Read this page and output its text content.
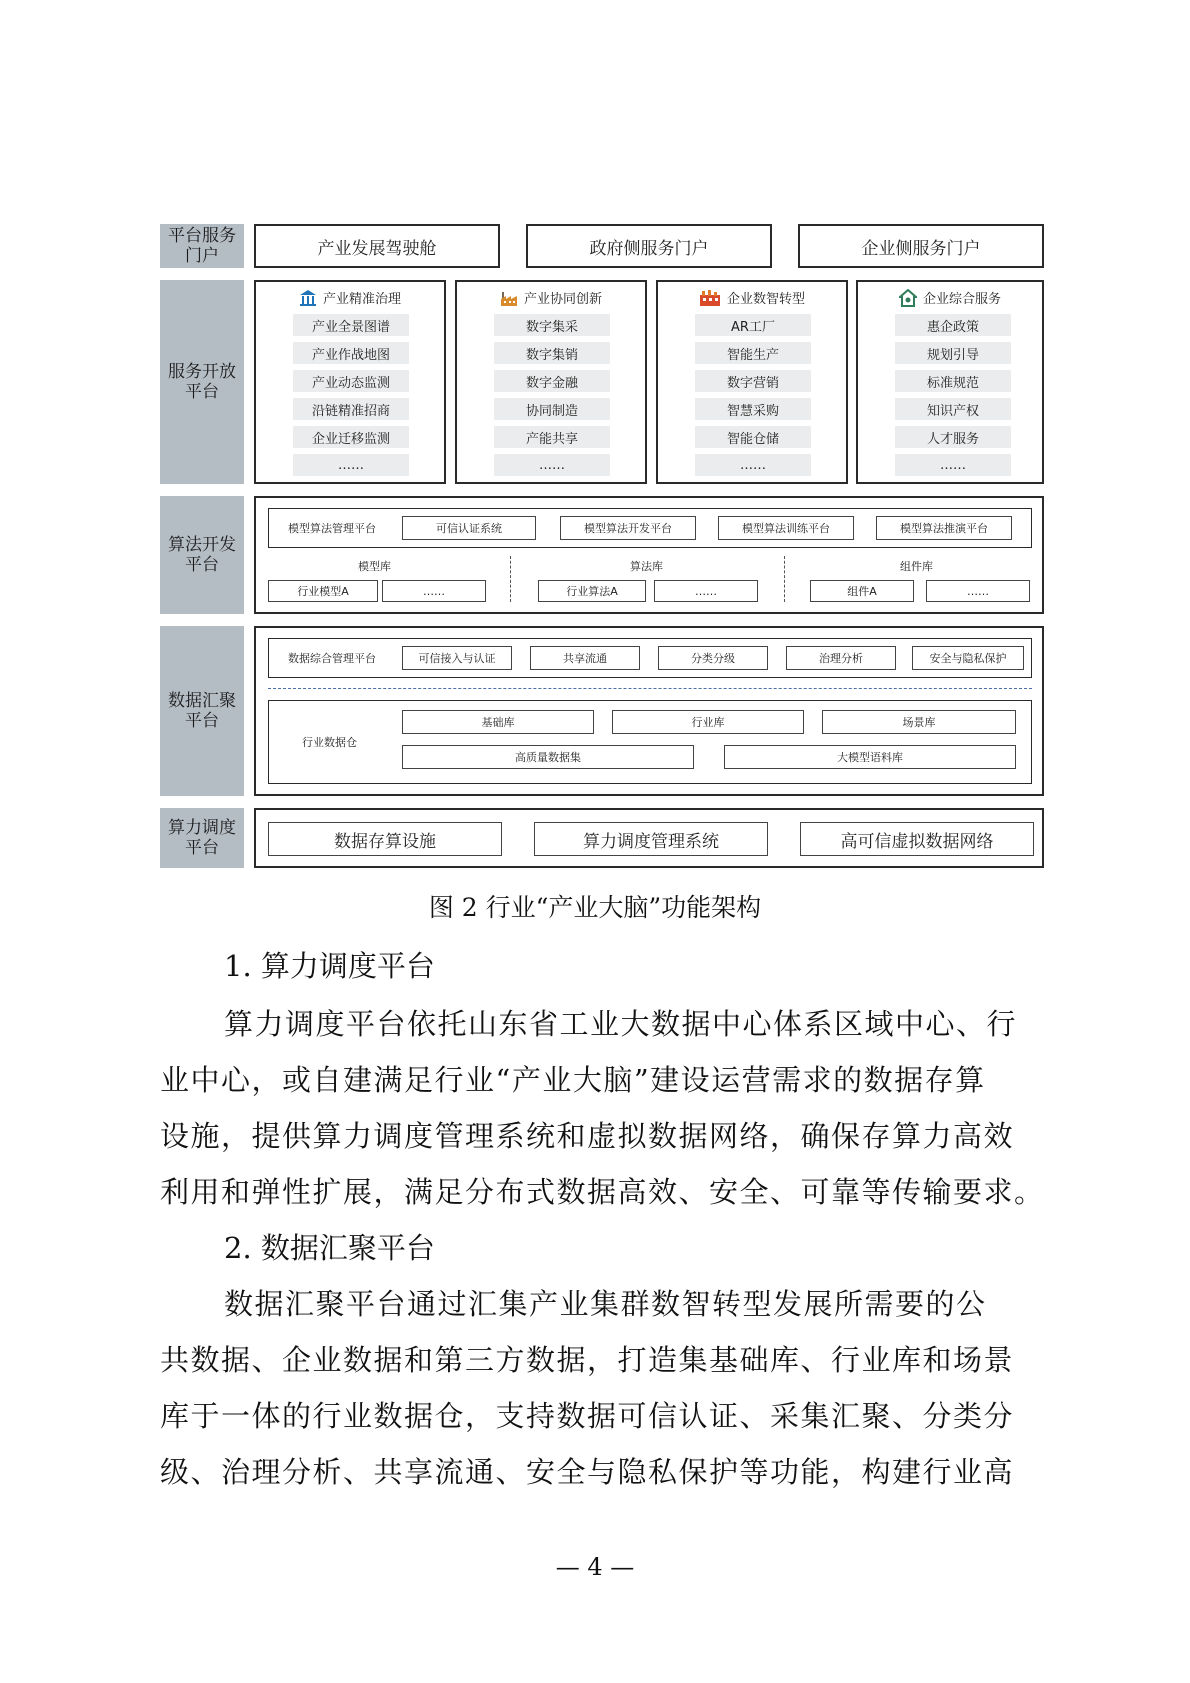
平台服务
门户
服务开放
平台
算法开发
平台
数据汇聚
平台
算力调度
平台
产业发展驾驶舱	政府侧服务门户	企业侧服务门户
产业精准治理
产业全景图谱
产业作战地图
产业动态监测
沿链精准招商
企业迁移监测
……
产业协同创新
数字集采
数字集销
数字金融
协同制造
产能共享
……
企业数智转型
AR工厂
智能生产
数字营销
智慧采购
智能仓储
……
企业综合服务
惠企政策
规划引导
标准规范
知识产权
人才服务
……
模型算法管理平台	可信认证系统	模型算法开发平台	模型算法训练平台	模型算法推演平台
模型库
行业模型A	……
算法库
行业算法A	……
组件库
组件A	……
数据综合管理平台	可信接入与认证	共享流通	分类分级	治理分析	安全与隐私保护
行业数据仓
基础库	行业库	场景库
高质量数据集	大模型语料库
数据存算设施	算力调度管理系统	高可信虚拟数据网络
图 2 行业“产业大脑”功能架构
1. 算力调度平台
算力调度平台依托山东省工业大数据中心体系区域中心、行
业中心，或自建满足行业“产业大脑”建设运营需求的数据存算
设施，提供算力调度管理系统和虚拟数据网络，确保存算力高效
利用和弹性扩展，满足分布式数据高效、安全、可靠等传输要求。
2. 数据汇聚平台
数据汇聚平台通过汇集产业集群数智转型发展所需要的公
共数据、企业数据和第三方数据，打造集基础库、行业库和场景
库于一体的行业数据仓，支持数据可信认证、采集汇聚、分类分
级、治理分析、共享流通、安全与隐私保护等功能，构建行业高
— 4 —
